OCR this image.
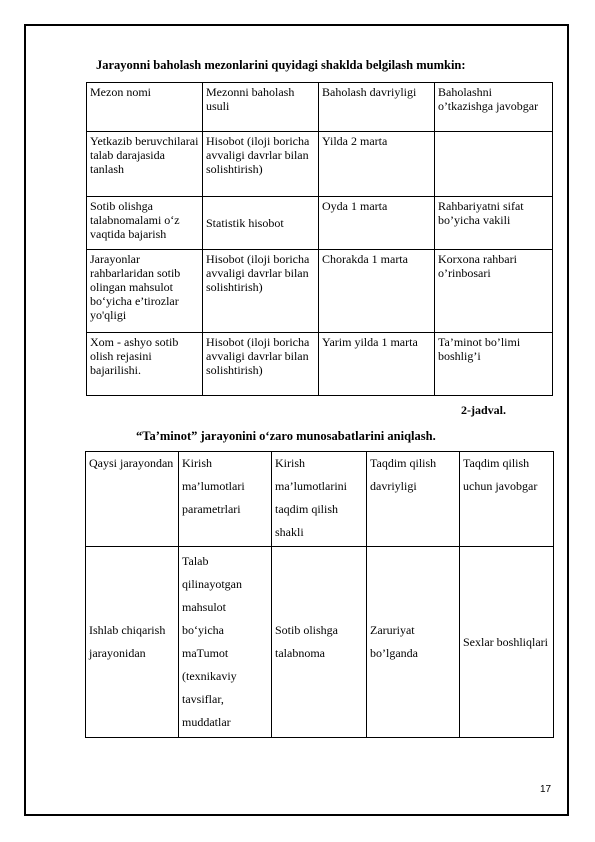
Jarayonni baholash mezonlarini quyidagi shaklda belgilash mumkin:
Mezon nomi	Mezonni baholash usuli	Baholash davriyligi	Baholashni o’tkazishga javobgar
Yetkazib beruvchilarai talab darajasida tanlash	Hisobot (iloji boricha avvaligi davrlar bilan solishtirish)	Yilda 2 marta	
Sotib olishga talabnomalami o‘z vaqtida bajarish	Statistik hisobot	Oyda 1 marta	Rahbariyatni sifat bo’yicha vakili
Jarayonlar rahbarlaridan sotib olingan mahsulot bo‘yicha e’tirozlar yo'qligi	Hisobot (iloji boricha avvaligi davrlar bilan solishtirish)	Chorakda 1 marta	Korxona rahbari o’rinbosari
Xom - ashyo sotib olish rejasini bajarilishi.	Hisobot (iloji boricha avvaligi davrlar bilan solishtirish)	Yarim yilda 1 marta	Ta’minot bo’limi boshlig’i
2-jadval.
“Ta’minot” jarayonini o‘zaro munosabatlarini aniqlash.
Qaysi jarayondan	Kirish ma’lumotlari parametrlari	Kirish ma’lumotlarini taqdim qilish shakli	Taqdim qilish davriyligi	Taqdim qilish uchun javobgar
Ishlab chiqarish jarayonidan	Talab qilinayotgan mahsulot bo‘yicha maTumot (texnikaviy tavsiflar, muddatlar	Sotib olishga talabnoma	Zaruriyat bo’lganda	Sexlar boshliqlari
17
